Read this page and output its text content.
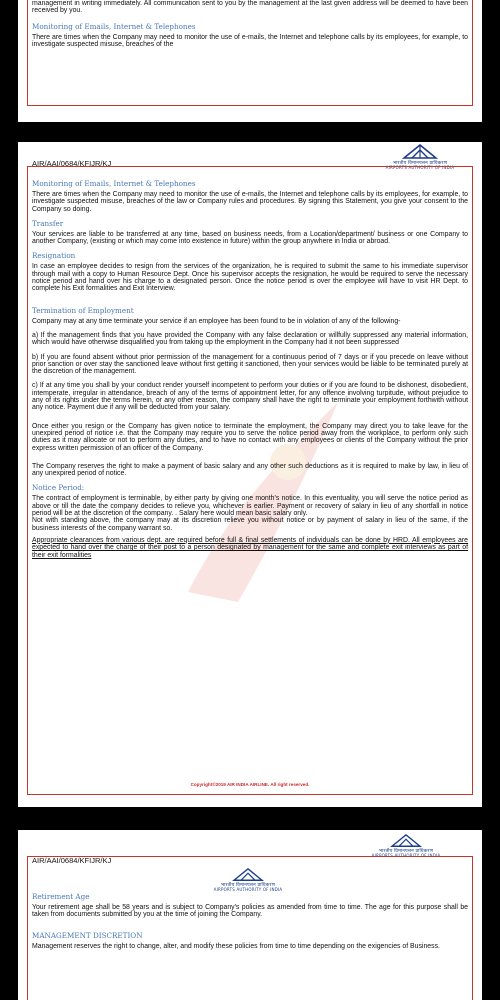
management in writing immediately. All communication sent to you by the management at the last given address will be deemed to have been received by you.

Monitoring of Emails, Internet & Telephones

There are times when the Company may need to monitor the use of e-mails, the Internet and telephone calls by its employees, for example, to investigate suspected misuse, breaches of the

भारतीय विमानपत्तन प्राधिकरण
AIRPORTS AUTHORITY OF INDIA
AIR/AAI/0684/KFIJR/KJ
Monitoring of Emails, Internet & Telephones

There are times when the Company may need to monitor the use of e-mails, the Internet and telephone calls by its employees, for example, to investigate suspected misuse, breaches of the law or Company rules and procedures. By signing this Statement, you give your consent to the Company so doing.

Transfer

Your services are liable to be transferred at any time, based on business needs, from a Location/department/ business or one Company to another Company, (existing or which may come into existence in future) within the group anywhere in India or abroad.

Resignation

In case an employee decides to resign from the services of the organization, he is required to submit the same to his immediate supervisor through mail with a copy to Human Resource Dept. Once his supervisor accepts the resignation, he would be required to serve the necessary notice period and hand over his charge to a designated person. Once the notice period is over the employee will have to visit HR Dept. to complete his Exit formalities and Exit Interview.

Termination of Employment

Company may at any time terminate your service if an employee has been found to be in violation of any of the following-

a) If the management finds that you have provided the Company with any false declaration or willfully suppressed any material information, which would have otherwise disqualified you from taking up the employment in the Company had it not been suppressed

b) If you are found absent without prior permission of the management for a continuous period of 7 days or if you precede on leave without prior sanction or over stay the sanctioned leave without first getting it sanctioned, then your services would be liable to be terminated purely at the discretion of the management.

c) If at any time you shall by your conduct render yourself incompetent to perform your duties or if you are found to be dishonest, disobedient, intemperate, irregular in attendance, breach of any of the terms of appointment letter, for any offence involving turpitude, without prejudice to any of its rights under the terms herein, or any other reason, the company shall have the right to terminate your employment forthwith without any notice. Payment due if any will be deducted from your salary.

Once either you resign or the Company has given notice to terminate the employment, the Company may direct you to take leave for the unexpired period of notice i.e. that the Company may require you to serve the notice period away from the workplace, to perform only such duties as it may allocate or not to perform any duties, and to have no contact with any employees or clients of the Company without the prior express written permission of an officer of the Company.

The Company reserves the right to make a payment of basic salary and any other such deductions as it is required to make by law, in lieu of any unexpired period of notice.

Notice Period:

The contract of employment is terminable, by either party by giving one month's notice. In this eventuality, you will serve the notice period as above or till the date the company decides to relieve you, whichever is earlier. Payment or recovery of salary in lieu of any shortfall in notice period will be at the discretion of the company. . Salary here would mean basic salary only.
Not with standing above, the company may at its discretion relieve you without notice or by payment of salary in lieu of the same, if the business interests of the company warrant so.

Appropriate clearances from various dept. are required before full & final settlements of individuals can be done by HRD. All employees are expected to hand over the charge of their post to a person designated by management for the same and complete exit interviews as part of their exit formalities

Copyright©2019 AIR INDIA AIRLINE. All right reserved.
भारतीय विमानपत्तन प्राधिकरण
AIRPORTS AUTHORITY OF INDIA
AIR/AAI/0684/KFIJR/KJ
भारतीय विमानपत्तन प्राधिकरण
AIRPORTS AUTHORITY OF INDIA
Retirement Age

Your retirement age shall be 58 years and is subject to Company's policies as amended from time to time. The age for this purpose shall be taken from documents submitted by you at the time of joining the Company.

MANAGEMENT DISCRETION

Management reserves the right to change, alter, and modify these policies from time to time depending on the exigencies of Business.
